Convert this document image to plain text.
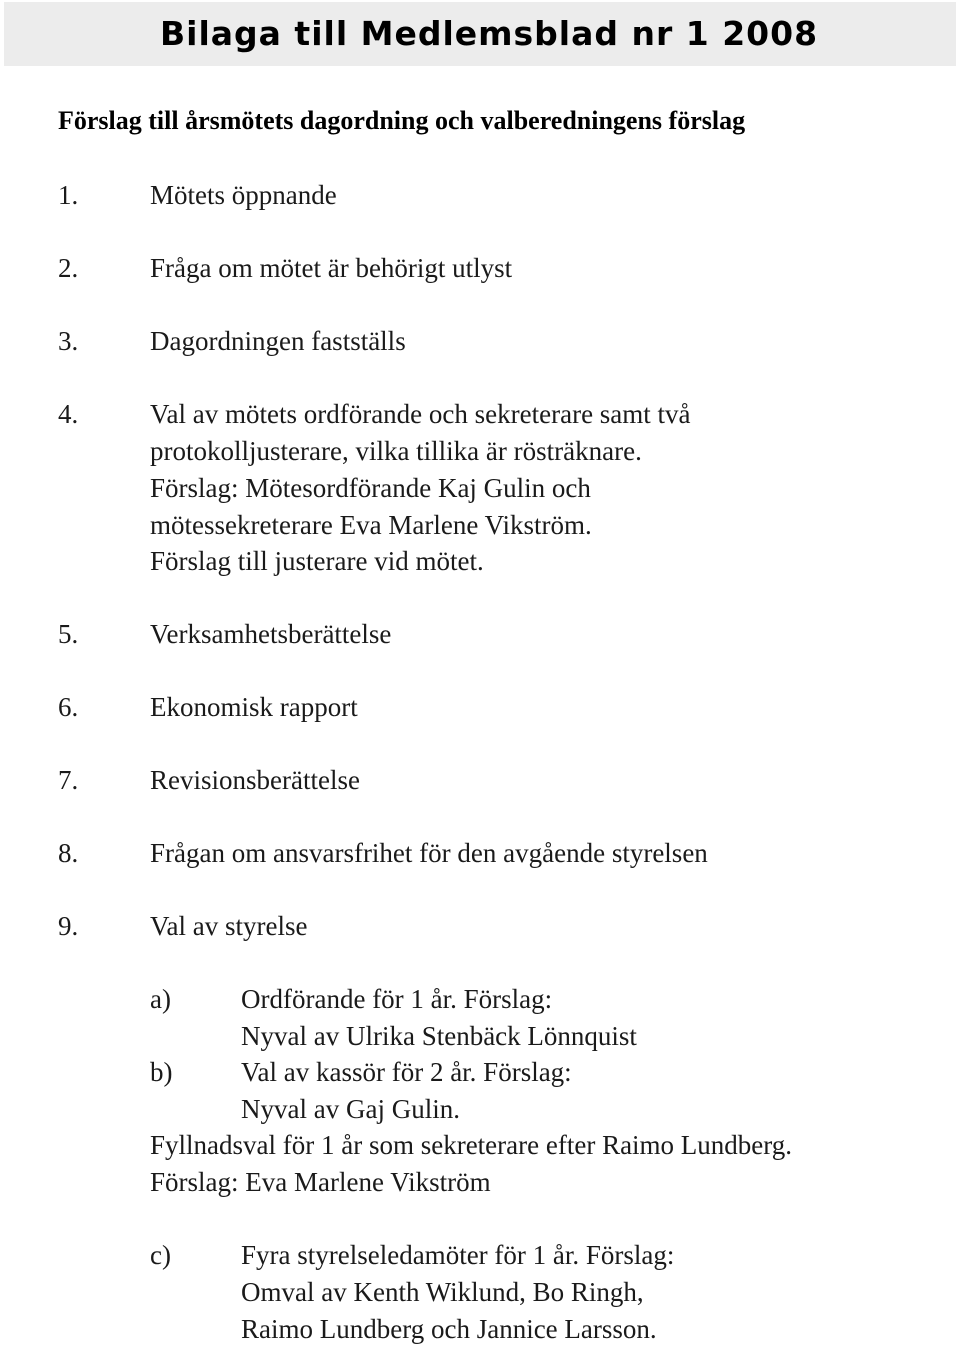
Bilaga till Medlemsblad nr 1 2008
Förslag till årsmötets dagordning och valberedningens förslag
1.	Mötets öppnande
2.	Fråga om mötet är behörigt utlyst
3.	Dagordningen fastställs
4.	Val av mötets ordförande och sekreterare samt två
protokolljusterare, vilka tillika är rösträknare.
Förslag: Mötesordförande Kaj Gulin och
mötessekreterare Eva Marlene Vikström.
Förslag till justerare vid mötet.
5.	Verksamhetsberättelse
6.	Ekonomisk rapport
7.	Revisionsberättelse
8.	Frågan om ansvarsfrihet för den avgående styrelsen
9.	Val av styrelse
a)	Ordförande för 1 år. Förslag:
Nyval av Ulrika Stenbäck Lönnquist
b)	Val av kassör för 2 år. Förslag:
Nyval av Gaj Gulin.
Fyllnadsval för 1 år som sekreterare efter Raimo Lundberg.
Förslag: Eva Marlene Vikström
c)	Fyra styrelseledamöter för 1 år. Förslag:
Omval av Kenth Wiklund, Bo Ringh,
Raimo Lundberg och Jannice Larsson.
